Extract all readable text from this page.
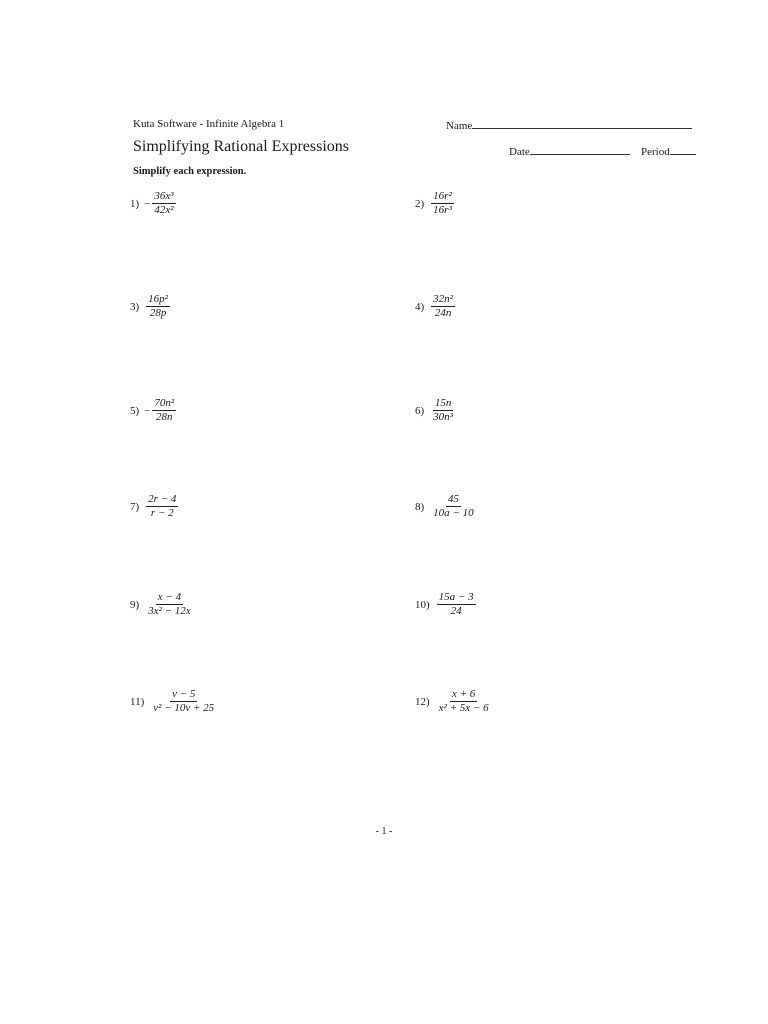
Kuta Software - Infinite Algebra 1	Name
Simplifying Rational Expressions	Date	Period
Simplify each expression.
$1) - \frac{\text{36x³}}{\text{42x²}}$	$2) \frac{\text{16r²}}{\text{16r³}}$
$3) \frac{\text{16p²}}{28p}$	$4) \frac{\text{32n²}}{24n}$
$5) - \frac{\text{70n²}}{28n}$	$6) \frac{15n}{\text{30n³}}$
$7) \frac{2r - 4}{r - 2}$	$8) \frac{45}{10a - 10}$
$9) \frac{x - 4}{\text{3x² − 12x}}$	$10) \frac{15a - 3}{24}$
$11) \frac{v - 5}{\text{v² − 10v + 25}}$	$12) \frac{x + 6}{\text{x² + 5x − 6}}$
- 1 -
